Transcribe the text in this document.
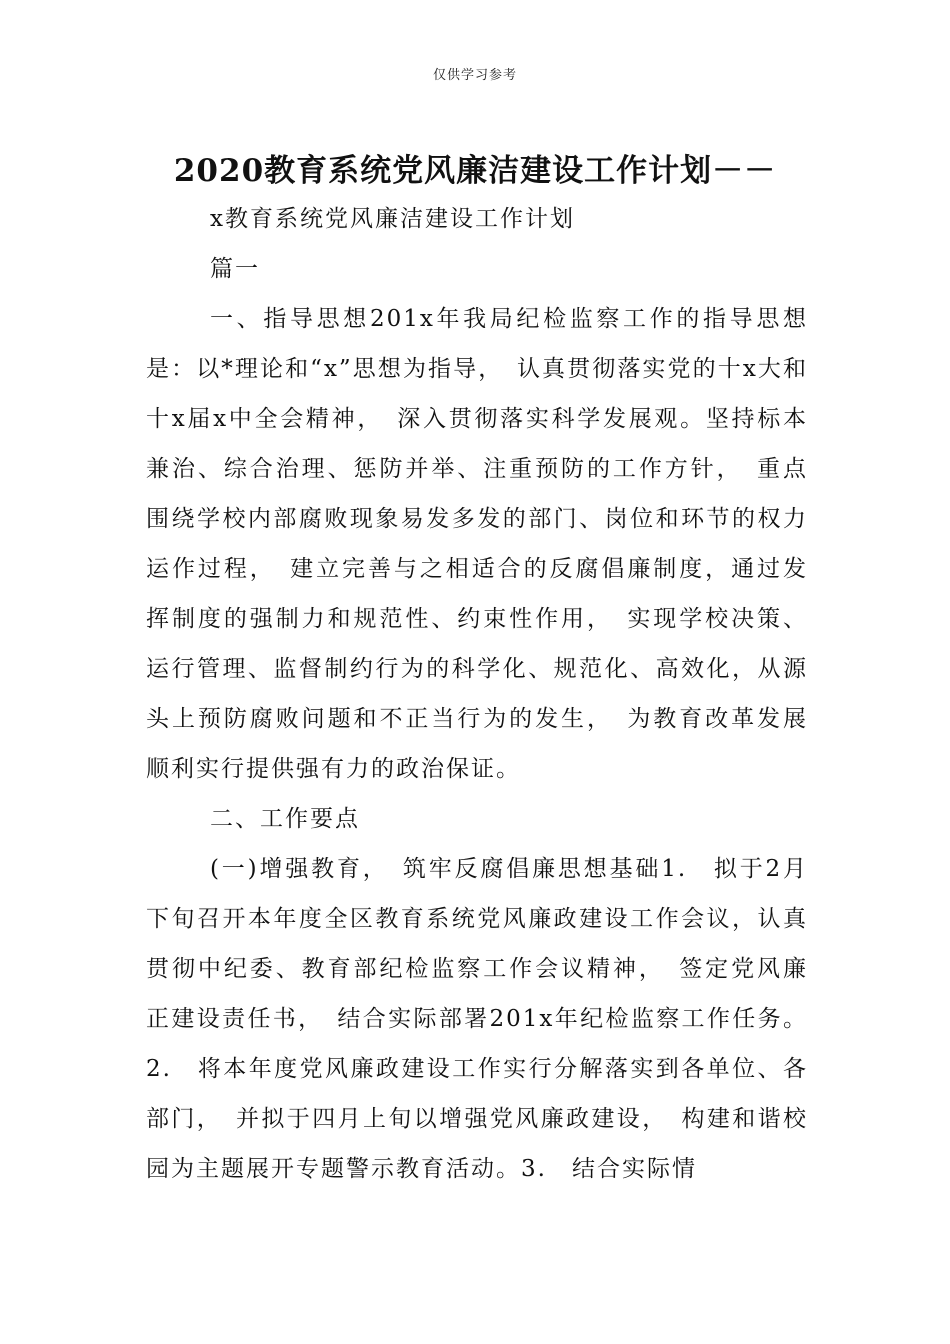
仅供学习参考
2020教育系统党风廉洁建设工作计划－－

x教育系统党风廉洁建设工作计划

篇一

一、指导思想201x年我局纪检监察工作的指导思想是：以*理论和“x”思想为指导，　认真贯彻落实党的十x大和十x届x中全会精神，　深入贯彻落实科学发展观。坚持标本兼治、综合治理、惩防并举、注重预防的工作方针，　重点围绕学校内部腐败现象易发多发的部门、岗位和环节的权力运作过程，　建立完善与之相适合的反腐倡廉制度，通过发挥制度的强制力和规范性、约束性作用，　实现学校决策、运行管理、监督制约行为的科学化、规范化、高效化，从源头上预防腐败问题和不正当行为的发生，　为教育改革发展顺利实行提供强有力的政治保证。

二、工作要点

(一)增强教育，　筑牢反腐倡廉思想基础1.　拟于2月下旬召开本年度全区教育系统党风廉政建设工作会议，认真贯彻中纪委、教育部纪检监察工作会议精神，　签定党风廉正建设责任书，　结合实际部署201x年纪检监察工作任务。2.　将本年度党风廉政建设工作实行分解落实到各单位、各部门，　并拟于四月上旬以增强党风廉政建设，　构建和谐校园为主题展开专题警示教育活动。3.　结合实际情
